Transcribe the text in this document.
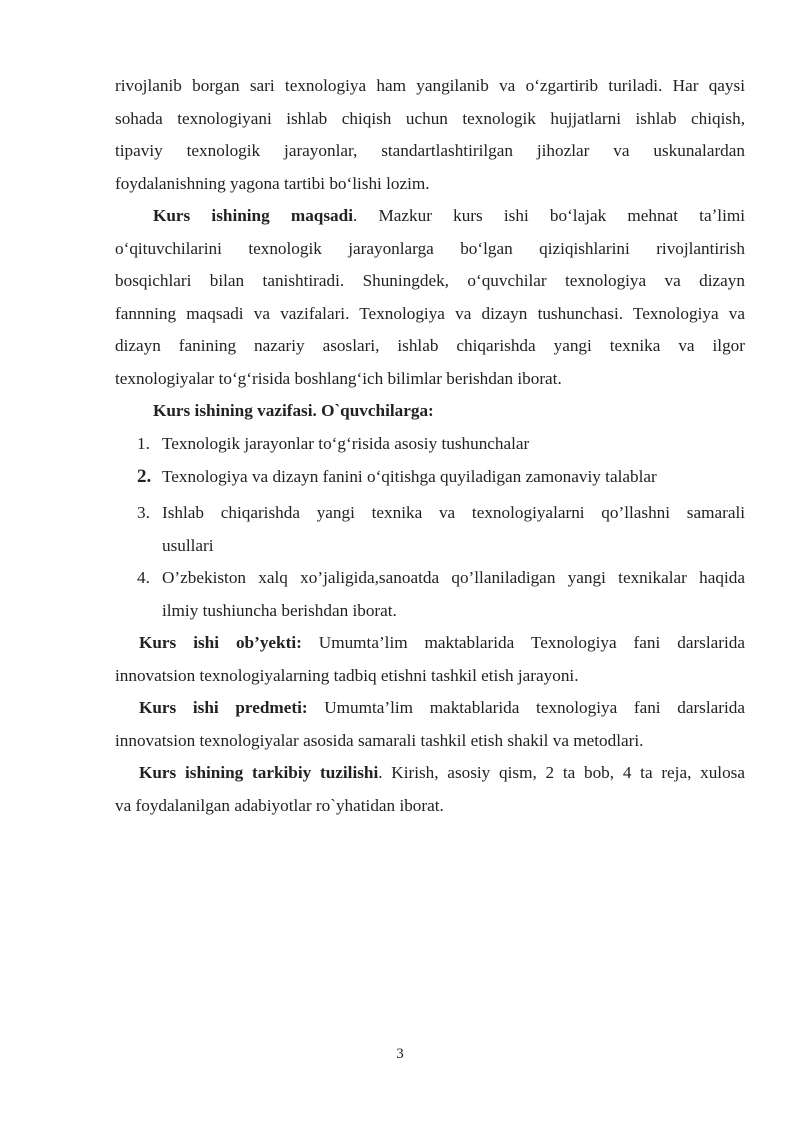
rivojlanib borgan sari texnologiya ham yangilanib va oʻzgartirib turiladi. Har qaysi
sohada texnologiyani ishlab chiqish uchun texnologik hujjatlarni ishlab chiqish,
tipaviy texnologik jarayonlar, standartlashtirilgan jihozlar va uskunalardan
foydalanishning yagona tartibi boʻlishi lozim.
Kurs ishining maqsadi. Mazkur kurs ishi boʻlajak mehnat taʼlimi
oʻqituvchilarini texnologik jarayonlarga boʻlgan qiziqishlarini rivojlantirish
bosqichlari bilan tanishtiradi. Shuningdek, oʻquvchilar texnologiya va dizayn
fannning maqsadi va vazifalari. Texnologiya va dizayn tushunchasi. Texnologiya va
dizayn fanining nazariy asoslari, ishlab chiqarishda yangi texnika va ilgor
texnologiyalar toʻgʻrisida boshlangʻich bilimlar berishdan iborat.
Kurs ishining vazifasi. O`quvchilarga:
1. Texnologik jarayonlar toʻgʻrisida asosiy tushunchalar
2. Texnologiya va dizayn fanini oʻqitishga quyiladigan zamonaviy talablar
3. Ishlab chiqarishda yangi texnika va texnologiyalarni qo’llashni samarali
usullari
4. O’zbekiston xalq xo’jaligida,sanoatda qo’llaniladigan yangi texnikalar haqida
ilmiy tushiuncha berishdan iborat.
Kurs ishi ob’yekti: Umumta’lim maktablarida Texnologiya fani darslarida
innovatsion texnologiyalarning tadbiq etishni tashkil etish jarayoni.
Kurs ishi predmeti: Umumta’lim maktablarida texnologiya fani darslarida
innovatsion texnologiyalar asosida samarali tashkil etish shakil va metodlari.
Kurs ishining tarkibiy tuzilishi. Kirish, asosiy qism, 2 ta bob, 4 ta reja, xulosa
va foydalanilgan adabiyotlar ro`yhatidan iborat.
3
